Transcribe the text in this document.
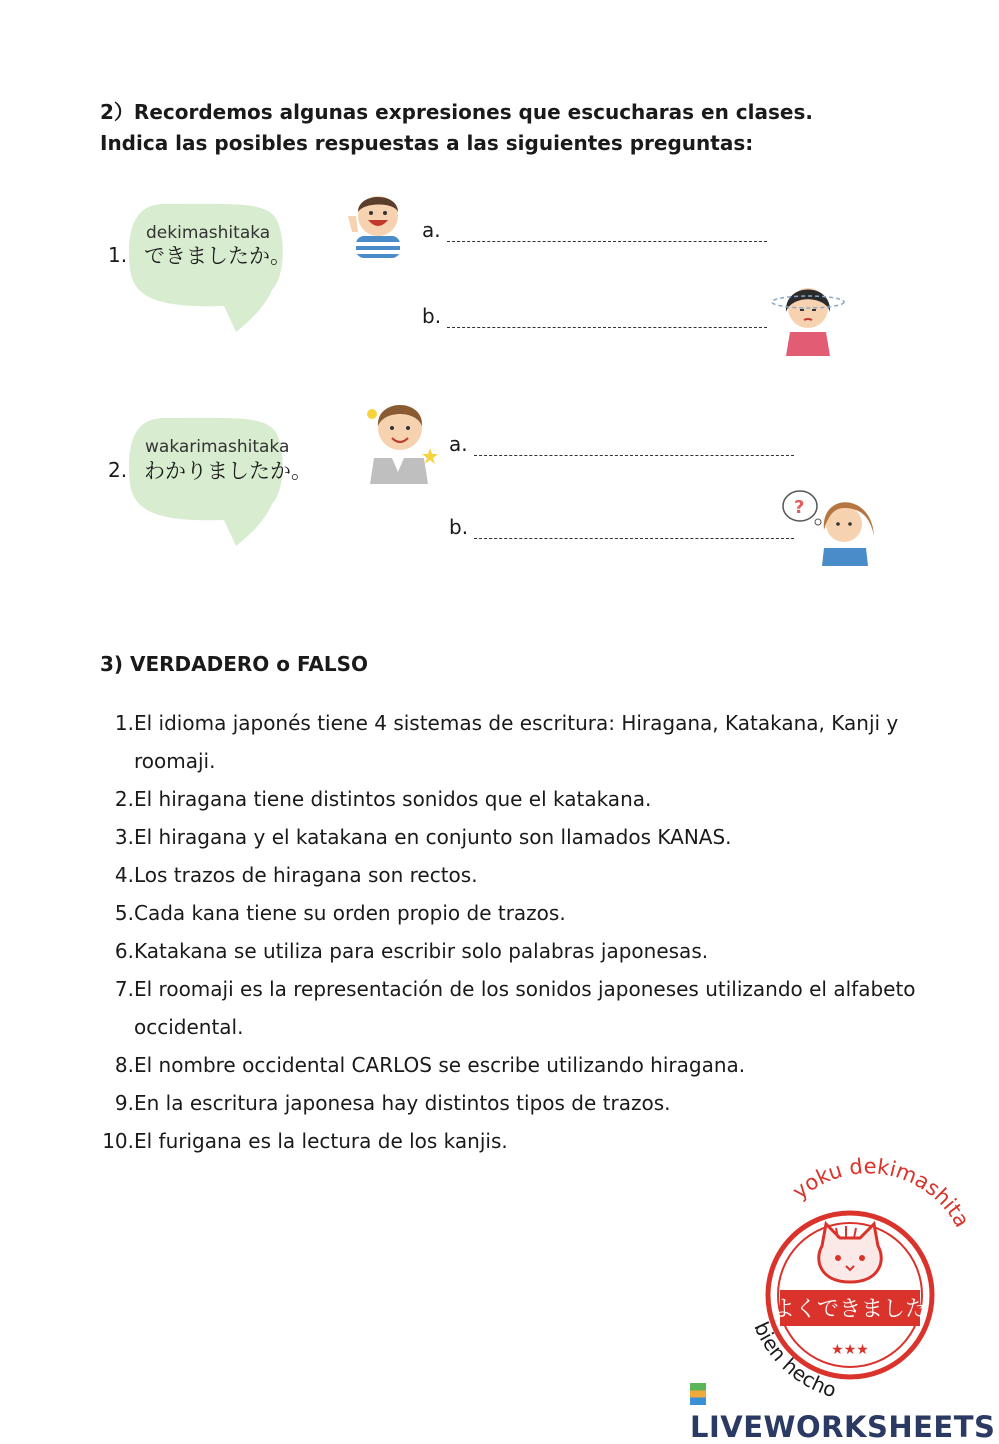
2）Recordemos algunas expresiones que escucharas en clases.
Indica las posibles respuestas a las siguientes preguntas:
dekimashitaka
1. できましたか。
a.
b.
wakarimashitaka
2. わかりましたか。
a.
b.
?
3) VERDADERO o FALSO
1. El idioma japonés tiene 4 sistemas de escritura: Hiragana, Katakana, Kanji y
roomaji.
2. El hiragana tiene distintos sonidos que el katakana.
3. El hiragana y el katakana en conjunto son llamados KANAS.
4. Los trazos de hiragana son rectos.
5. Cada kana tiene su orden propio de trazos.
6. Katakana se utiliza para escribir solo palabras japonesas.
7. El roomaji es la representación de los sonidos japoneses utilizando el alfabeto
occidental.
8. El nombre occidental CARLOS se escribe utilizando hiragana.
9. En la escritura japonesa hay distintos tipos de trazos.
10. El furigana es la lectura de los kanjis.
yoku dekimashita
よくできました
★★★
bien hecho
LIVEWORKSHEETS
